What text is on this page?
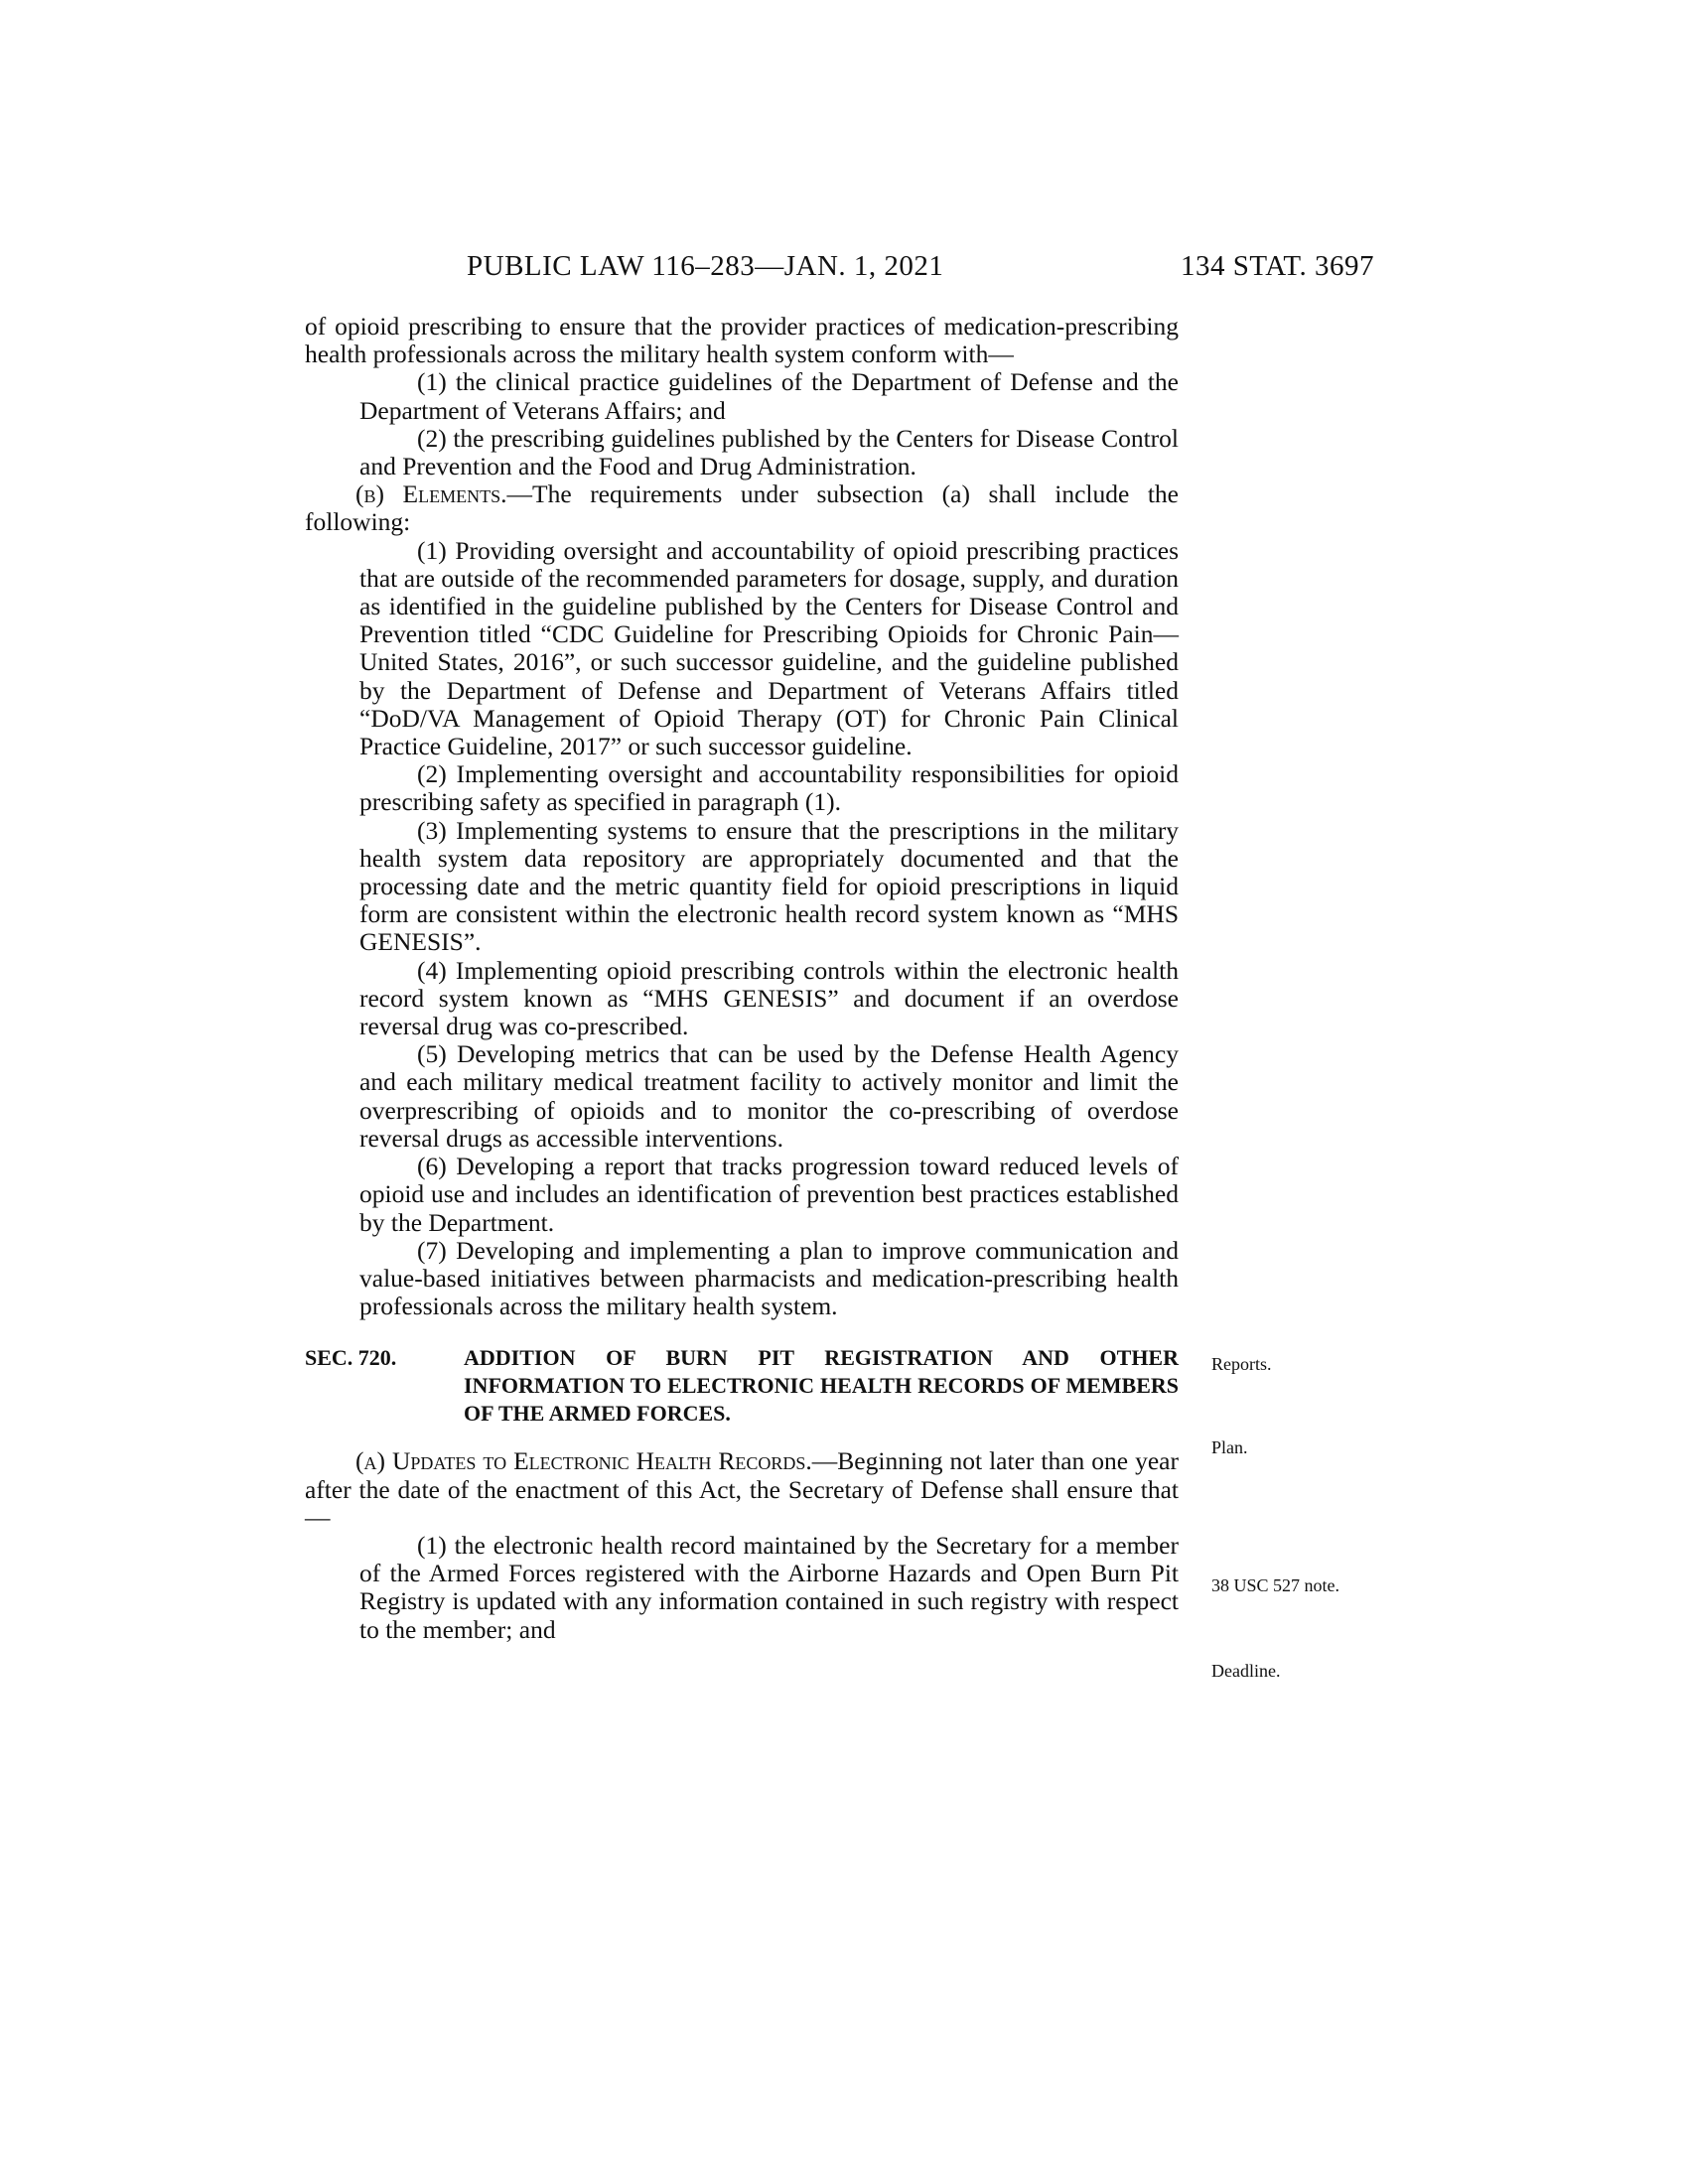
PUBLIC LAW 116–283—JAN. 1, 2021	134 STAT. 3697

of opioid prescribing to ensure that the provider practices of medication-prescribing health professionals across the military health system conform with—

(1) the clinical practice guidelines of the Department of Defense and the Department of Veterans Affairs; and

(2) the prescribing guidelines published by the Centers for Disease Control and Prevention and the Food and Drug Administration.

(b) Elements.—The requirements under subsection (a) shall include the following:

(1) Providing oversight and accountability of opioid prescribing practices that are outside of the recommended parameters for dosage, supply, and duration as identified in the guideline published by the Centers for Disease Control and Prevention titled “CDC Guideline for Prescribing Opioids for Chronic Pain—United States, 2016”, or such successor guideline, and the guideline published by the Department of Defense and Department of Veterans Affairs titled “DoD/VA Management of Opioid Therapy (OT) for Chronic Pain Clinical Practice Guideline, 2017” or such successor guideline.

(2) Implementing oversight and accountability responsibilities for opioid prescribing safety as specified in paragraph (1).

(3) Implementing systems to ensure that the prescriptions in the military health system data repository are appropriately documented and that the processing date and the metric quantity field for opioid prescriptions in liquid form are consistent within the electronic health record system known as “MHS GENESIS”.

(4) Implementing opioid prescribing controls within the electronic health record system known as “MHS GENESIS” and document if an overdose reversal drug was co-prescribed.

(5) Developing metrics that can be used by the Defense Health Agency and each military medical treatment facility to actively monitor and limit the overprescribing of opioids and to monitor the co-prescribing of overdose reversal drugs as accessible interventions.

(6) Developing a report that tracks progression toward reduced levels of opioid use and includes an identification of prevention best practices established by the Department.

(7) Developing and implementing a plan to improve communication and value-based initiatives between pharmacists and medication-prescribing health professionals across the military health system.

SEC. 720.	ADDITION OF BURN PIT REGISTRATION AND OTHER INFORMATION TO ELECTRONIC HEALTH RECORDS OF MEMBERS OF THE ARMED FORCES.

(a) Updates to Electronic Health Records.—Beginning not later than one year after the date of the enactment of this Act, the Secretary of Defense shall ensure that—

(1) the electronic health record maintained by the Secretary for a member of the Armed Forces registered with the Airborne Hazards and Open Burn Pit Registry is updated with any information contained in such registry with respect to the member; and

Reports.
Plan.
38 USC 527 note.
Deadline.
